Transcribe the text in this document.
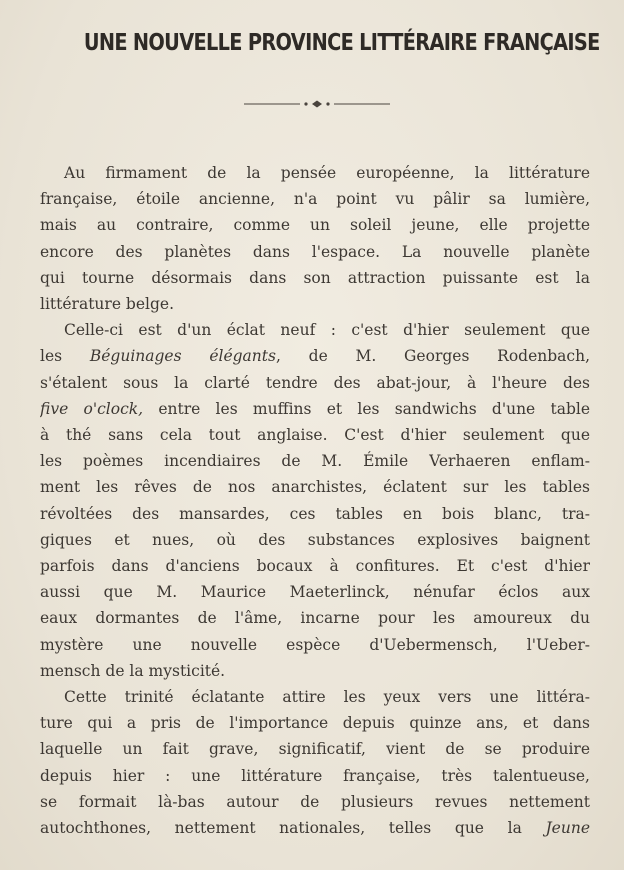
UNE NOUVELLE PROVINCE LITTÉRAIRE FRANÇAISE
Au firmament de la pensée européenne, la littérature
française, étoile ancienne, n'a point vu pâlir sa lumière,
mais au contraire, comme un soleil jeune, elle projette
encore des planètes dans l'espace. La nouvelle planète
qui tourne désormais dans son attraction puissante est la
littérature belge.
Celle-ci est d'un éclat neuf : c'est d'hier seulement que
les Béguinages élégants, de M. Georges Rodenbach,
s'étalent sous la clarté tendre des abat-jour, à l'heure des
five o'clock, entre les muffins et les sandwichs d'une table
à thé sans cela tout anglaise. C'est d'hier seulement que
les poèmes incendiaires de M. Émile Verhaeren enflam-
ment les rêves de nos anarchistes, éclatent sur les tables
révoltées des mansardes, ces tables en bois blanc, tra-
giques et nues, où des substances explosives baignent
parfois dans d'anciens bocaux à confitures. Et c'est d'hier
aussi que M. Maurice Maeterlinck, nénufar éclos aux
eaux dormantes de l'âme, incarne pour les amoureux du
mystère une nouvelle espèce d'Uebermensch, l'Ueber-
mensch de la mysticité.
Cette trinité éclatante attire les yeux vers une littéra-
ture qui a pris de l'importance depuis quinze ans, et dans
laquelle un fait grave, significatif, vient de se produire
depuis hier : une littérature française, très talentueuse,
se formait là-bas autour de plusieurs revues nettement
autochthones, nettement nationales, telles que la Jeune
